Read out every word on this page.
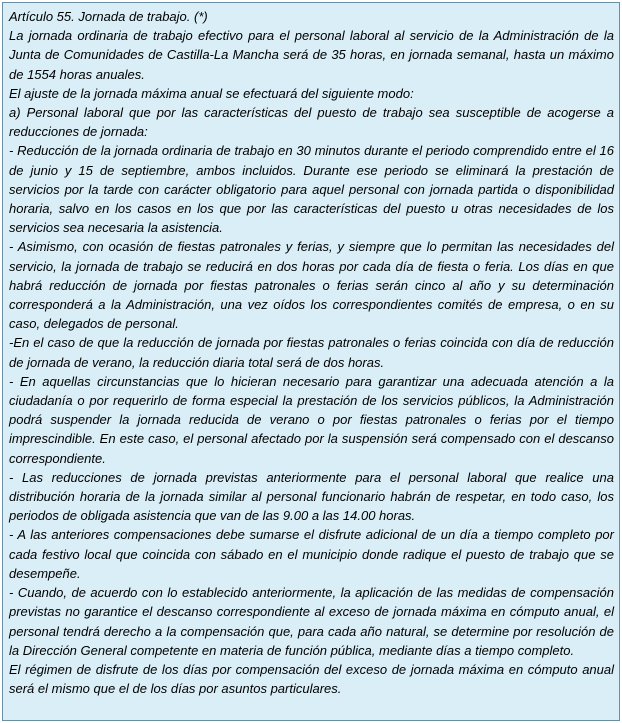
Artículo 55. Jornada de trabajo. (*)

La jornada ordinaria de trabajo efectivo para el personal laboral al servicio de la Administración de la Junta de Comunidades de Castilla-La Mancha será de 35 horas, en jornada semanal, hasta un máximo de 1554 horas anuales.

El ajuste de la jornada máxima anual se efectuará del siguiente modo:

a) Personal laboral que por las características del puesto de trabajo sea susceptible de acogerse a reducciones de jornada:

- Reducción de la jornada ordinaria de trabajo en 30 minutos durante el periodo comprendido entre el 16 de junio y 15 de septiembre, ambos incluidos. Durante ese periodo se eliminará la prestación de servicios por la tarde con carácter obligatorio para aquel personal con jornada partida o disponibilidad horaria, salvo en los casos en los que por las características del puesto u otras necesidades de los servicios sea necesaria la asistencia.

- Asimismo, con ocasión de fiestas patronales y ferias, y siempre que lo permitan las necesidades del servicio, la jornada de trabajo se reducirá en dos horas por cada día de fiesta o feria. Los días en que habrá reducción de jornada por fiestas patronales o ferias serán cinco al año y su determinación corresponderá a la Administración, una vez oídos los correspondientes comités de empresa, o en su caso, delegados de personal.

-En el caso de que la reducción de jornada por fiestas patronales o ferias coincida con día de reducción de jornada de verano, la reducción diaria total será de dos horas.

- En aquellas circunstancias que lo hicieran necesario para garantizar una adecuada atención a la ciudadanía o por requerirlo de forma especial la prestación de los servicios públicos, la Administración podrá suspender la jornada reducida de verano o por fiestas patronales o ferias por el tiempo imprescindible. En este caso, el personal afectado por la suspensión será compensado con el descanso correspondiente.

- Las reducciones de jornada previstas anteriormente para el personal laboral que realice una distribución horaria de la jornada similar al personal funcionario habrán de respetar, en todo caso, los periodos de obligada asistencia que van de las 9.00 a las 14.00 horas.

- A las anteriores compensaciones debe sumarse el disfrute adicional de un día a tiempo completo por cada festivo local que coincida con sábado en el municipio donde radique el puesto de trabajo que se desempeñe.

- Cuando, de acuerdo con lo establecido anteriormente, la aplicación de las medidas de compensación previstas no garantice el descanso correspondiente al exceso de jornada máxima en cómputo anual, el personal tendrá derecho a la compensación que, para cada año natural, se determine por resolución de la Dirección General competente en materia de función pública, mediante días a tiempo completo.

El régimen de disfrute de los días por compensación del exceso de jornada máxima en cómputo anual será el mismo que el de los días por asuntos particulares.
